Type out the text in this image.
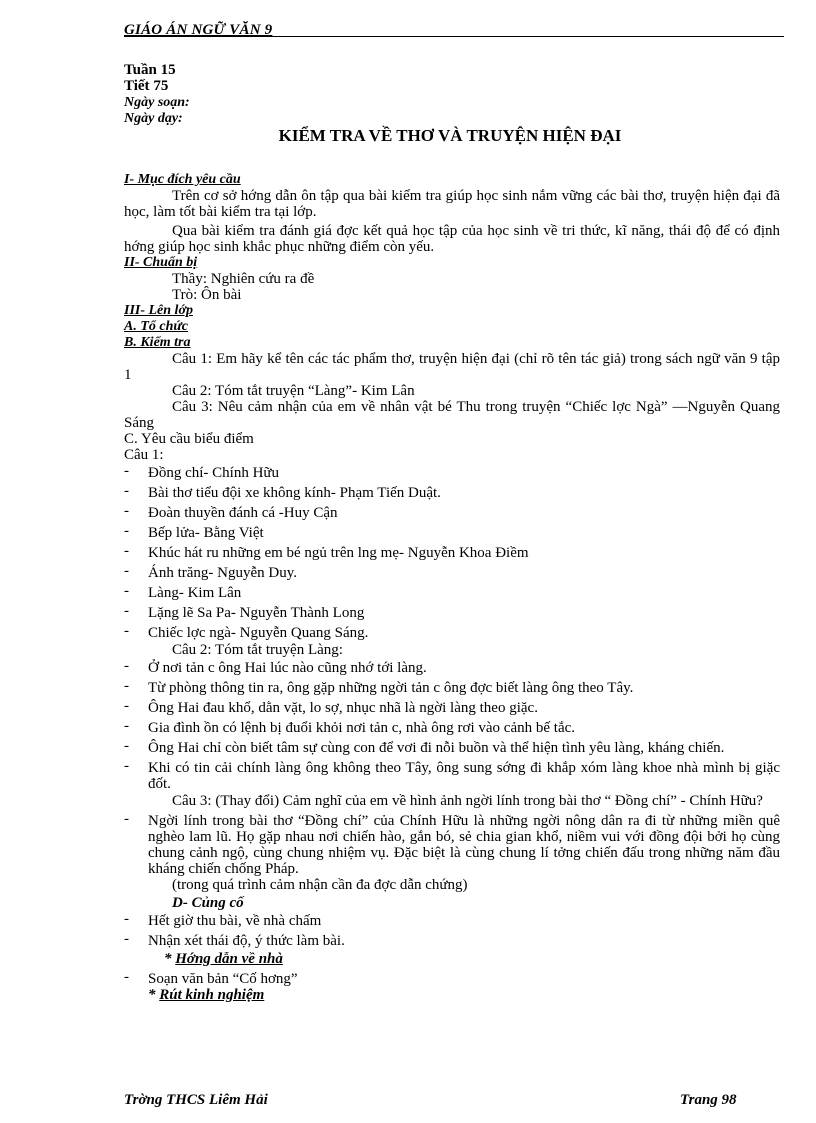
GIÁO ÁN NGỮ VĂN 9
Tuần 15
Tiết 75
Ngày soạn:
Ngày dạy:
KIỂM TRA VỀ THƠ VÀ TRUYỆN HIỆN ĐẠI
I- Mục đích yêu cầu

Trên cơ sở hớng dẫn ôn tập qua bài kiểm tra giúp học sinh nắm vững các bài thơ, truyện hiện đại đã học, làm tốt bài kiểm tra tại lớp.

Qua bài kiểm tra đánh giá đợc kết quả học tập của học sinh về tri thức, kĩ năng, thái độ để có định hớng giúp học sinh khắc phục những điểm còn yếu.

II- Chuẩn bị

Thầy: Nghiên cứu ra đề

Trò: Ôn bài

III- Lên lớp
A. Tổ chức
B. Kiểm tra

Câu 1: Em hãy kể tên các tác phẩm thơ, truyện hiện đại (chỉ rõ tên tác giả) trong sách ngữ văn 9 tập 1

Câu 2: Tóm tắt truyện “Làng”- Kim Lân

Câu 3: Nêu cảm nhận của em về nhân vật bé Thu trong truyện “Chiếc lợc Ngà” —Nguyễn Quang Sáng

C. Yêu cầu biểu điểm

Câu 1:

- Đồng chí- Chính Hữu
- Bài thơ tiểu đội xe không kính- Phạm Tiến Duật.
- Đoàn thuyền đánh cá -Huy Cận
- Bếp lửa- Bằng Việt
- Khúc hát ru những em bé ngủ trên lng mẹ- Nguyễn Khoa Điềm
- Ánh trăng- Nguyễn Duy.
- Làng- Kim Lân
- Lặng lẽ Sa Pa- Nguyễn Thành Long
- Chiếc lợc ngà- Nguyễn Quang Sáng.

Câu 2: Tóm tắt truyện Làng:

- Ở nơi tản c ông Hai lúc nào cũng nhớ tới làng.
- Từ phòng thông tin ra, ông gặp những ngời tản c ông đợc biết làng ông theo Tây.
- Ông Hai đau khổ, dằn vặt, lo sợ, nhục nhã là ngời làng theo giặc.
- Gia đình ồn có lệnh bị đuổi khỏi nơi tản c, nhà ông rơi vào cảnh bế tắc.
- Ông Hai chỉ còn biết tâm sự cùng con để vơi đi nỗi buồn và thể hiện tình yêu làng, kháng chiến.
- Khi có tin cải chính làng ông không theo Tây, ông sung sớng đi khắp xóm làng khoe nhà mình bị giặc đốt.

Câu 3: (Thay đổi) Cảm nghĩ của em về hình ảnh ngời lính trong bài thơ “ Đồng chí” - Chính Hữu?

- Ngời lính trong bài thơ “Đồng chí” của Chính Hữu là những ngời nông dân ra đi từ những miền quê nghèo lam lũ. Họ gặp nhau nơi chiến hào, gắn bó, sẻ chia gian khổ, niềm vui với đồng đội bởi họ cùng chung cảnh ngộ, cùng chung nhiệm vụ. Đặc biệt là cùng chung lí tởng chiến đấu trong những năm đầu kháng chiến chống Pháp.

(trong quá trình cảm nhận cần đa đợc dẫn chứng)

D- Củng cố
- Hết giờ thu bài, về nhà chấm
- Nhận xét thái độ, ý thức làm bài.
* Hớng dẫn về nhà
- Soạn văn bản “Cố hơng”
* Rút kinh nghiệm
Trờng THCS Liêm Hải	Trang 98
